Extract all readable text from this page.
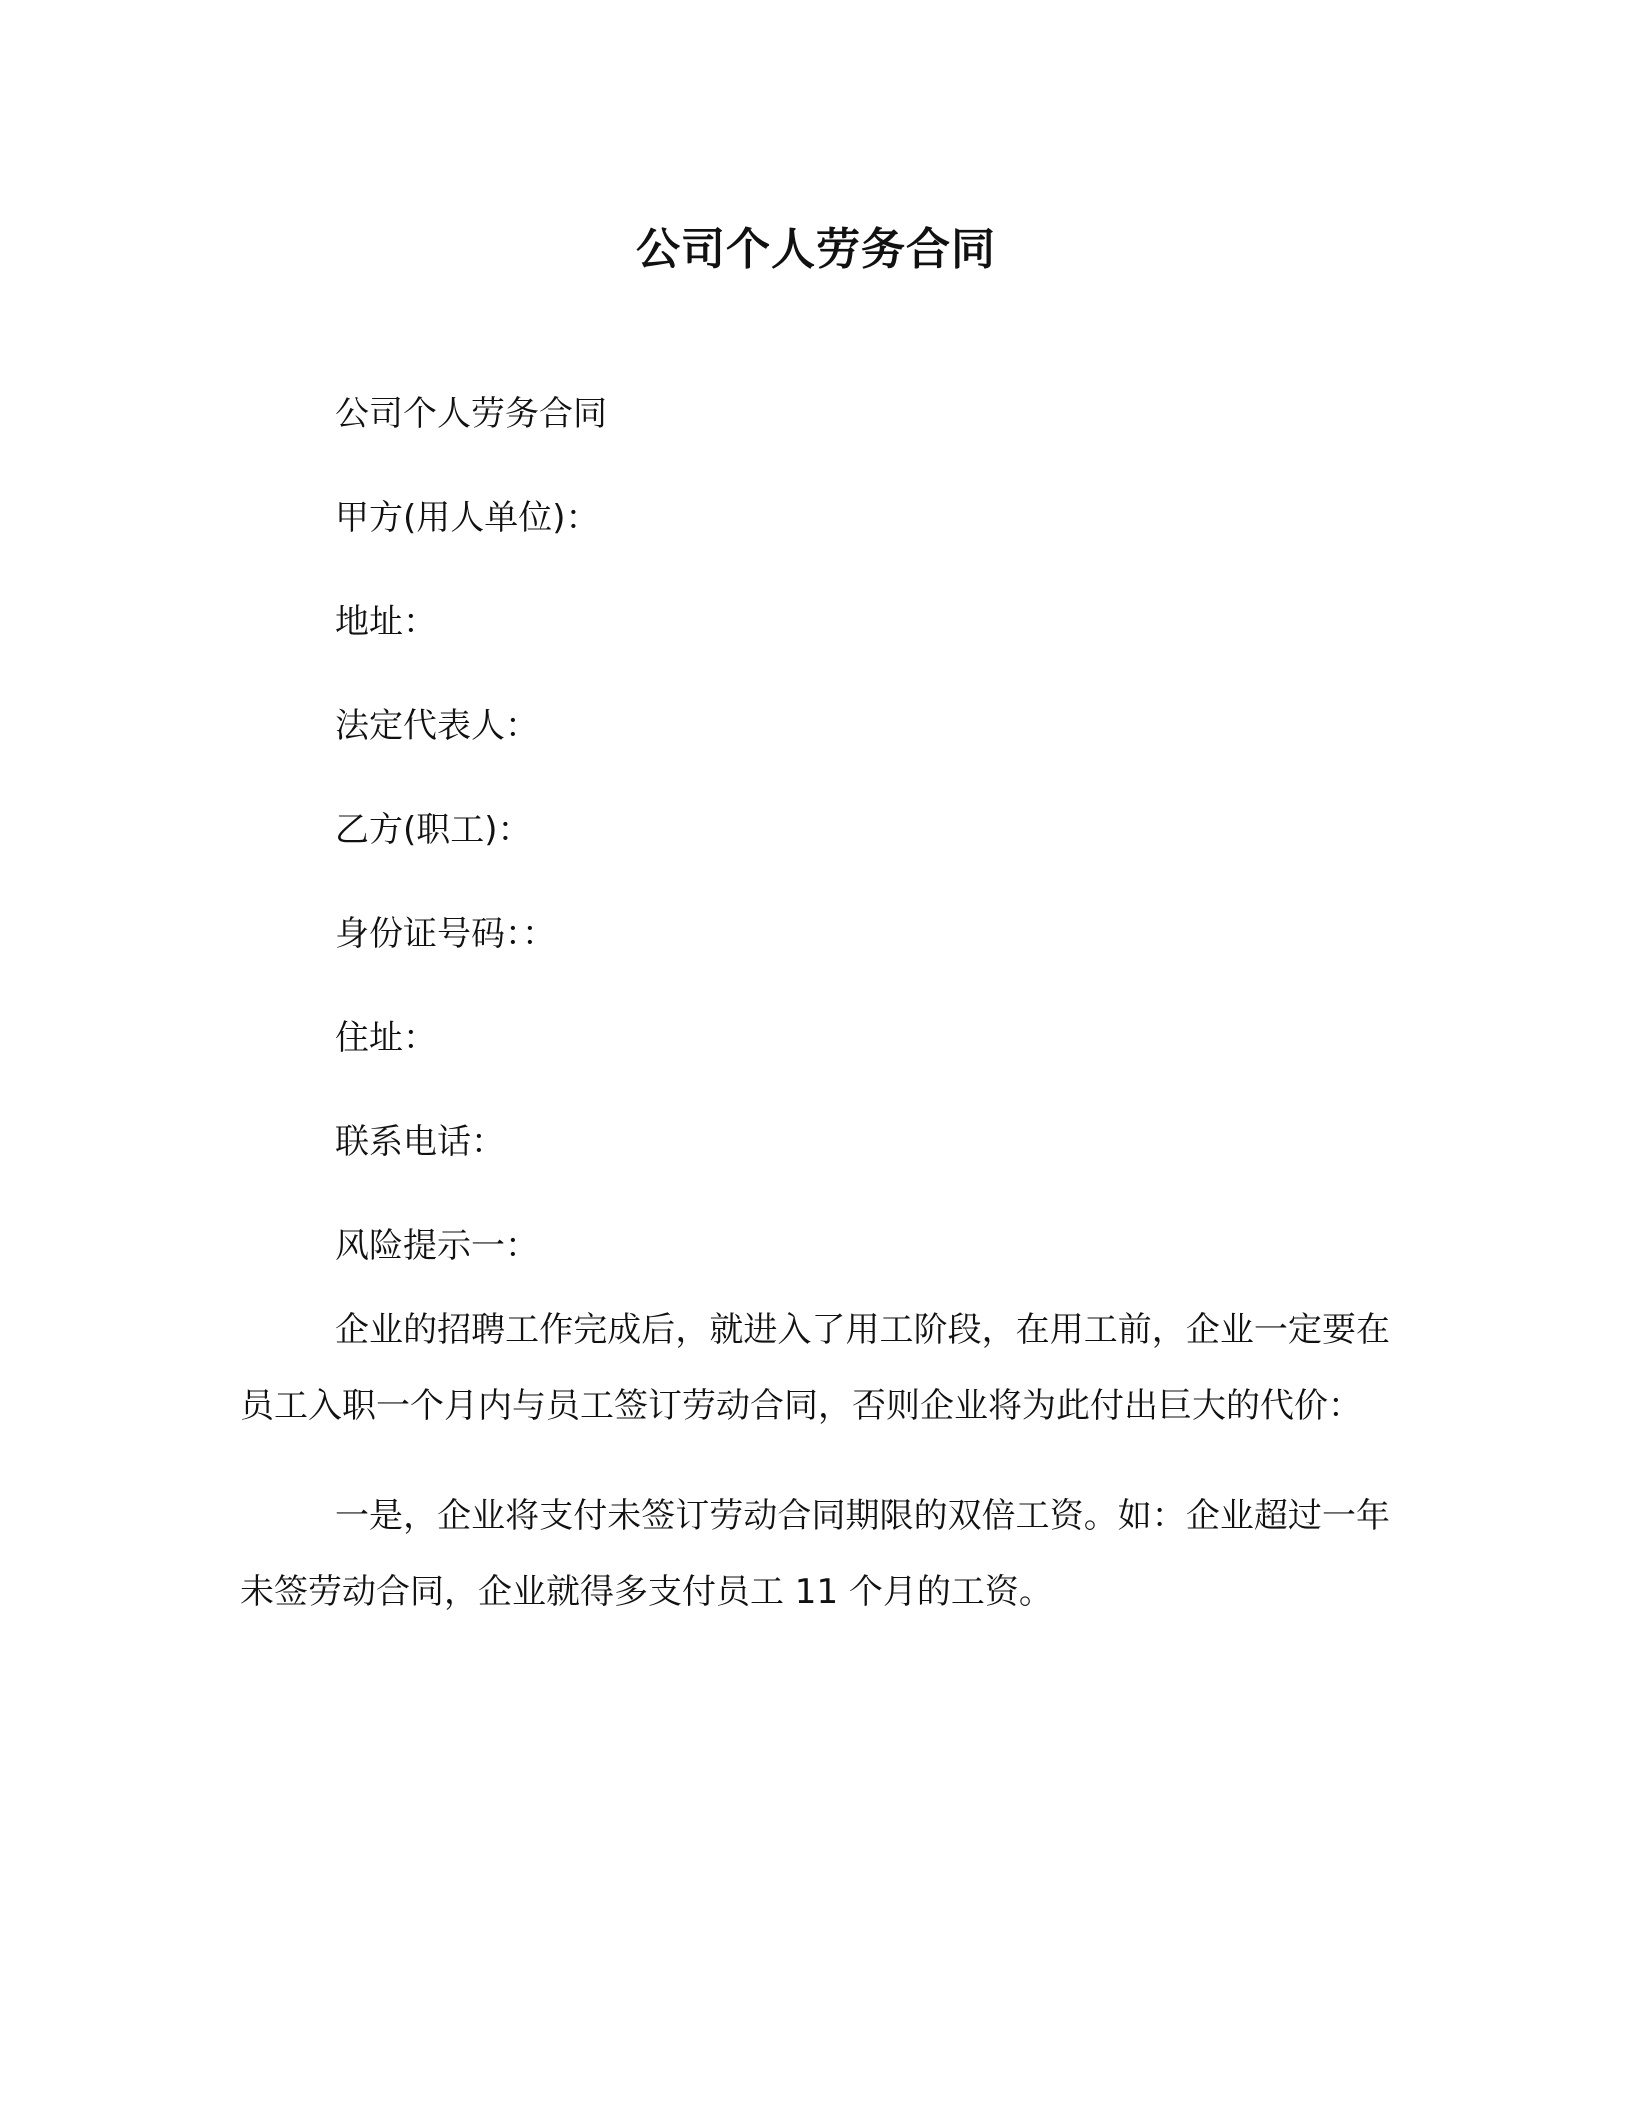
公司个人劳务合同

公司个人劳务合同

甲方(用人单位)：

地址：

法定代表人：

乙方(职工)：

身份证号码：：

住址：

联系电话：

风险提示一：

企业的招聘工作完成后，就进入了用工阶段，在用工前，企业一定要在员工入职一个月内与员工签订劳动合同，否则企业将为此付出巨大的代价：

一是，企业将支付未签订劳动合同期限的双倍工资。如：企业超过一年未签劳动合同，企业就得多支付员工 11 个月的工资。
